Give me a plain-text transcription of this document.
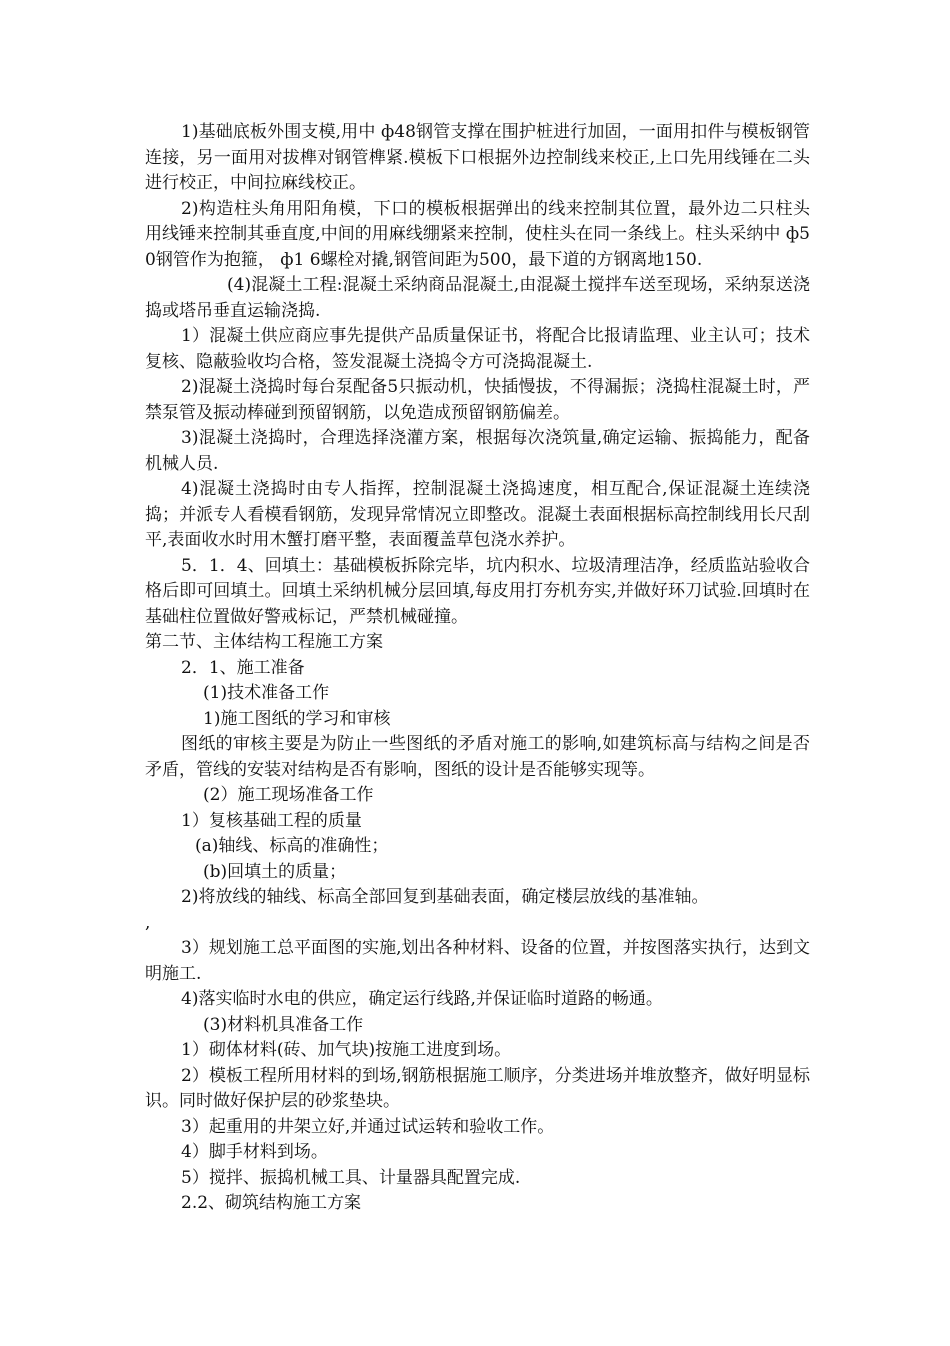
1)基础底板外围支模,用中 ф48钢管支撑在围护桩进行加固，一面用扣件与模板钢管连接，另一面用对拔榫对钢管榫紧.模板下口根据外边控制线来校正,上口先用线锤在二头进行校正，中间拉麻线校正。

2)构造柱头角用阳角模，下口的模板根据弹出的线来控制其位置，最外边二只柱头用线锤来控制其垂直度,中间的用麻线绷紧来控制，使柱头在同一条线上。柱头采纳中 ф5 0钢管作为抱箍， ф1 6螺栓对撬,钢管间距为500，最下道的方钢离地150.

(4)混凝土工程:混凝土采纳商品混凝土,由混凝土搅拌车送至现场，采纳泵送浇捣或塔吊垂直运输浇捣.

1）混凝土供应商应事先提供产品质量保证书，将配合比报请监理、业主认可；技术复核、隐蔽验收均合格，签发混凝土浇捣令方可浇捣混凝土.

2)混凝土浇捣时每台泵配备5只振动机，快插慢拔，不得漏振；浇捣柱混凝土时，严禁泵管及振动棒碰到预留钢筋，以免造成预留钢筋偏差。

3)混凝土浇捣时，合理选择浇灌方案，根据每次浇筑量,确定运输、振捣能力，配备机械人员.

4)混凝土浇捣时由专人指挥，控制混凝土浇捣速度，相互配合,保证混凝土连续浇捣；并派专人看模看钢筋，发现异常情况立即整改。混凝土表面根据标高控制线用长尺刮平,表面收水时用木蟹打磨平整，表面覆盖草包浇水养护。

5．1．4、回填土：基础模板拆除完毕，坑内积水、垃圾清理洁净，经质监站验收合格后即可回填土。回填土采纳机械分层回填,每皮用打夯机夯实,并做好环刀试验.回填时在基础柱位置做好警戒标记，严禁机械碰撞。

第二节、主体结构工程施工方案

2．1、施工准备

(1)技术准备工作

1)施工图纸的学习和审核

图纸的审核主要是为防止一些图纸的矛盾对施工的影响,如建筑标高与结构之间是否矛盾，管线的安装对结构是否有影响，图纸的设计是否能够实现等。

(2）施工现场准备工作

1）复核基础工程的质量

(a)轴线、标高的准确性；

(b)回填土的质量；

2)将放线的轴线、标高全部回复到基础表面，确定楼层放线的基准轴。

,

3）规划施工总平面图的实施,划出各种材料、设备的位置，并按图落实执行，达到文明施工.

4)落实临时水电的供应，确定运行线路,并保证临时道路的畅通。

(3)材料机具准备工作

1）砌体材料(砖、加气块)按施工进度到场。

2）模板工程所用材料的到场,钢筋根据施工顺序，分类进场并堆放整齐，做好明显标识。同时做好保护层的砂浆垫块。

3）起重用的井架立好,并通过试运转和验收工作。

4）脚手材料到场。

5）搅拌、振捣机械工具、计量器具配置完成.

2.2、砌筑结构施工方案
